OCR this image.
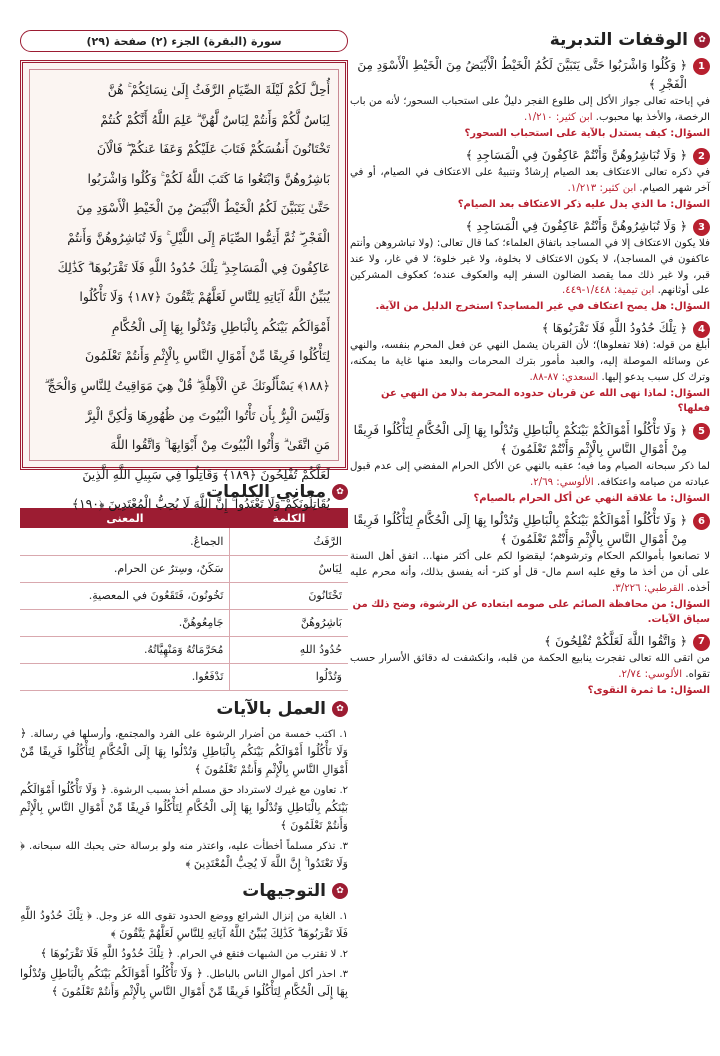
✿
الوقفات التدبرية
1
﴿ وَكُلُوا وَاشْرَبُوا حَتَّى يَتَبَيَّنَ لَكُمُ الْخَيْطُ الْأَبْيَضُ مِنَ الْخَيْطِ الْأَسْوَدِ مِنَ الْفَجْرِ ﴾
في إباحته تعالى جواز الأكل إلى طلوع الفجر دليلٌ على استحباب السحور؛ لأنه من باب الرخصة، والأخذ بها محبوب. ابن كثير: ١/٢١٠.
السؤال: كيف يستدل بالآية على استحباب السحور؟
2
﴿ وَلَا تُبَاشِرُوهُنَّ وَأَنْتُمْ عَاكِفُونَ فِي الْمَسَاجِدِ ﴾
في ذكره تعالى الاعتكاف بعد الصيام إرشادٌ وتنبيهٌ على الاعتكاف في الصيام، أو في آخر شهر الصيام. ابن كثير: ١/٢١٣.
السؤال: ما الذي يدل عليه ذكر الاعتكاف بعد الصيام؟
3
﴿ وَلَا تُبَاشِرُوهُنَّ وَأَنْتُمْ عَاكِفُونَ فِي الْمَسَاجِدِ ﴾
فلا يكون الاعتكاف إلا في المساجد باتفاق العلماء؛ كما قال تعالى: (ولا تباشروهن وأنتم عاكفون في المساجد)، لا يكون الاعتكاف لا بخلوة، ولا غير خلوة؛ لا في غار، ولا عند قبر، ولا غير ذلك مما يقصد الضالون السفر إليه والعكوف عنده؛ كعكوف المشركين على أوثانهم. ابن تيمية: ١/٤٤٨-٤٤٩.
السؤال: هل يصح اعتكاف في غير المساجد؟ استخرج الدليل من الآية.
4
﴿ تِلْكَ حُدُودُ اللَّهِ فَلَا تَقْرَبُوهَا ﴾
أبلغ من قوله: (فلا تفعلوها)؛ لأن القربان يشمل النهي عن فعل المحرم بنفسه، والنهي عن وسائله الموصلة إليه، والعبد مأمور بترك المحرمات والبعد منها غاية ما يمكنه، وترك كل سبب يدعو إليها. السعدي: ٨٧-٨٨.
السؤال: لماذا نهى الله عن قربان حدوده المحرمة بدلا من النهي عن فعلها؟
5
﴿ وَلَا تَأْكُلُوا أَمْوَالَكُمْ بَيْنَكُمْ بِالْبَاطِلِ وَتُدْلُوا بِهَا إِلَى الْحُكَّامِ لِتَأْكُلُوا فَرِيقًا مِنْ أَمْوَالِ النَّاسِ بِالْإِثْمِ وَأَنْتُمْ تَعْلَمُونَ ﴾
لما ذكر سبحانه الصيام وما فيه؛ عقبه بالنهي عن الأكل الحرام المفضي إلى عدم قبول عبادته من صيامه واعتكافه. الألوسي: ٢/٦٩.
السؤال: ما علاقة النهي عن أكل الحرام بالصيام؟
6
﴿ وَلَا تَأْكُلُوا أَمْوَالَكُمْ بَيْنَكُمْ بِالْبَاطِلِ وَتُدْلُوا بِهَا إِلَى الْحُكَّامِ لِتَأْكُلُوا فَرِيقًا مِنْ أَمْوَالِ النَّاسِ بِالْإِثْمِ وَأَنْتُمْ تَعْلَمُونَ ﴾
لا تصانعوا بأموالكم الحكام وترشوهم؛ ليقضوا لكم على أكثر منها... اتفق أهل السنة على أن من أخذ ما وقع عليه اسم مال- قل أو كثر- أنه يفسق بذلك، وأنه محرم عليه أخذه. القرطبي: ٣/٢٢٦.
السؤال: من محافظة الصائم على صومه ابتعاده عن الرشوة، وضح ذلك من سياق الآيات.
7
﴿ وَاتَّقُوا اللَّهَ لَعَلَّكُمْ تُفْلِحُونَ ﴾
من اتقى الله تعالى تفجرت ينابيع الحكمة من قلبه، وانكشفت له دقائق الأسرار حسب تقواه. الألوسي: ٢/٧٤.
السؤال: ما ثمرة التقوى؟
سورة (البقرة) الجزء (٢) صفحة (٢٩)
أُحِلَّ لَكُمْ لَيْلَةَ الصِّيَامِ الرَّفَثُ إِلَىٰ نِسَائِكُمْ ۚ هُنَّ
لِبَاسٌ لَّكُمْ وَأَنتُمْ لِبَاسٌ لَّهُنَّ ۗ عَلِمَ اللَّهُ أَنَّكُمْ كُنتُمْ
تَخْتَانُونَ أَنفُسَكُمْ فَتَابَ عَلَيْكُمْ وَعَفَا عَنكُمْ ۖ فَالْآنَ
بَاشِرُوهُنَّ وَابْتَغُوا مَا كَتَبَ اللَّهُ لَكُمْ ۚ وَكُلُوا وَاشْرَبُوا
حَتَّىٰ يَتَبَيَّنَ لَكُمُ الْخَيْطُ الْأَبْيَضُ مِنَ الْخَيْطِ الْأَسْوَدِ مِنَ
الْفَجْرِ ۖ ثُمَّ أَتِمُّوا الصِّيَامَ إِلَى اللَّيْلِ ۚ وَلَا تُبَاشِرُوهُنَّ وَأَنتُمْ
عَاكِفُونَ فِي الْمَسَاجِدِ ۗ تِلْكَ حُدُودُ اللَّهِ فَلَا تَقْرَبُوهَا ۗ كَذَٰلِكَ
يُبَيِّنُ اللَّهُ آيَاتِهِ لِلنَّاسِ لَعَلَّهُمْ يَتَّقُونَ ﴿١٨٧﴾ وَلَا تَأْكُلُوا
أَمْوَالَكُم بَيْنَكُم بِالْبَاطِلِ وَتُدْلُوا بِهَا إِلَى الْحُكَّامِ
لِتَأْكُلُوا فَرِيقًا مِّنْ أَمْوَالِ النَّاسِ بِالْإِثْمِ وَأَنتُمْ تَعْلَمُونَ
﴿١٨٨﴾ يَسْأَلُونَكَ عَنِ الْأَهِلَّةِ ۖ قُلْ هِيَ مَوَاقِيتُ لِلنَّاسِ وَالْحَجِّ ۗ
وَلَيْسَ الْبِرُّ بِأَن تَأْتُوا الْبُيُوتَ مِن ظُهُورِهَا وَلَٰكِنَّ الْبِرَّ
مَنِ اتَّقَىٰ ۗ وَأْتُوا الْبُيُوتَ مِنْ أَبْوَابِهَا ۚ وَاتَّقُوا اللَّهَ
لَعَلَّكُمْ تُفْلِحُونَ ﴿١٨٩﴾ وَقَاتِلُوا فِي سَبِيلِ اللَّهِ الَّذِينَ
يُقَاتِلُونَكُمْ وَلَا تَعْتَدُوا ۚ إِنَّ اللَّهَ لَا يُحِبُّ الْمُعْتَدِينَ ﴿١٩٠﴾
✿
معاني الكلمات
الكلمة	المعنى
الرَّفَثُ	الجماعُ.
لِبَاسٌ	سَكَنٌ، وسِترٌ عن الحرام.
تَخْتَانُونَ	تَخُونُونَ، فَتَقَعُونَ في المعصيةِ.
بَاشِرُوهُنَّ	جَامِعُوهُنَّ.
حُدُودُ اللهِ	مُحَرَّمَاتُهُ وَمَنْهِيَّاتُهُ.
وَتُدْلُوا	تَدْفَعُوا.
✿
العمل بالآيات
١. اكتب خمسة من أضرار الرشوة على الفرد والمجتمع، وأرسلها في رسالة. ﴿ وَلَا تَأْكُلُوا أَمْوَالَكُم بَيْنَكُم بِالْبَاطِلِ وَتُدْلُوا بِهَا إِلَى الْحُكَّامِ لِتَأْكُلُوا فَرِيقًا مِّنْ أَمْوَالِ النَّاسِ بِالْإِثْمِ وَأَنتُمْ تَعْلَمُونَ ﴾
٢. تعاون مع غيرك لاسترداد حق مسلم أخذ بسبب الرشوة. ﴿ وَلَا تَأْكُلُوا أَمْوَالَكُم بَيْنَكُم بِالْبَاطِلِ وَتُدْلُوا بِهَا إِلَى الْحُكَّامِ لِتَأْكُلُوا فَرِيقًا مِّنْ أَمْوَالِ النَّاسِ بِالْإِثْمِ وَأَنتُمْ تَعْلَمُونَ ﴾
٣. تذكر مسلماً أخطأت عليه، واعتذر منه ولو برسالة حتى يحبك الله سبحانه. ﴿ وَلَا تَعْتَدُوا ۚ إِنَّ اللَّهَ لَا يُحِبُّ الْمُعْتَدِينَ ﴾
✿
التوجيهات
١. الغاية من إنزال الشرائع ووضع الحدود تقوى الله عز وجل. ﴿ تِلْكَ حُدُودُ اللَّهِ فَلَا تَقْرَبُوهَا ۗ كَذَٰلِكَ يُبَيِّنُ اللَّهُ آيَاتِهِ لِلنَّاسِ لَعَلَّهُمْ يَتَّقُونَ ﴾
٢. لا تقترب من الشبهات فتقع في الحرام. ﴿ تِلْكَ حُدُودُ اللَّهِ فَلَا تَقْرَبُوهَا ﴾
٣. احذر أكل أموال الناس بالباطل. ﴿ وَلَا تَأْكُلُوا أَمْوَالَكُم بَيْنَكُم بِالْبَاطِلِ وَتُدْلُوا بِهَا إِلَى الْحُكَّامِ لِتَأْكُلُوا فَرِيقًا مِّنْ أَمْوَالِ النَّاسِ بِالْإِثْمِ وَأَنتُمْ تَعْلَمُونَ ﴾
